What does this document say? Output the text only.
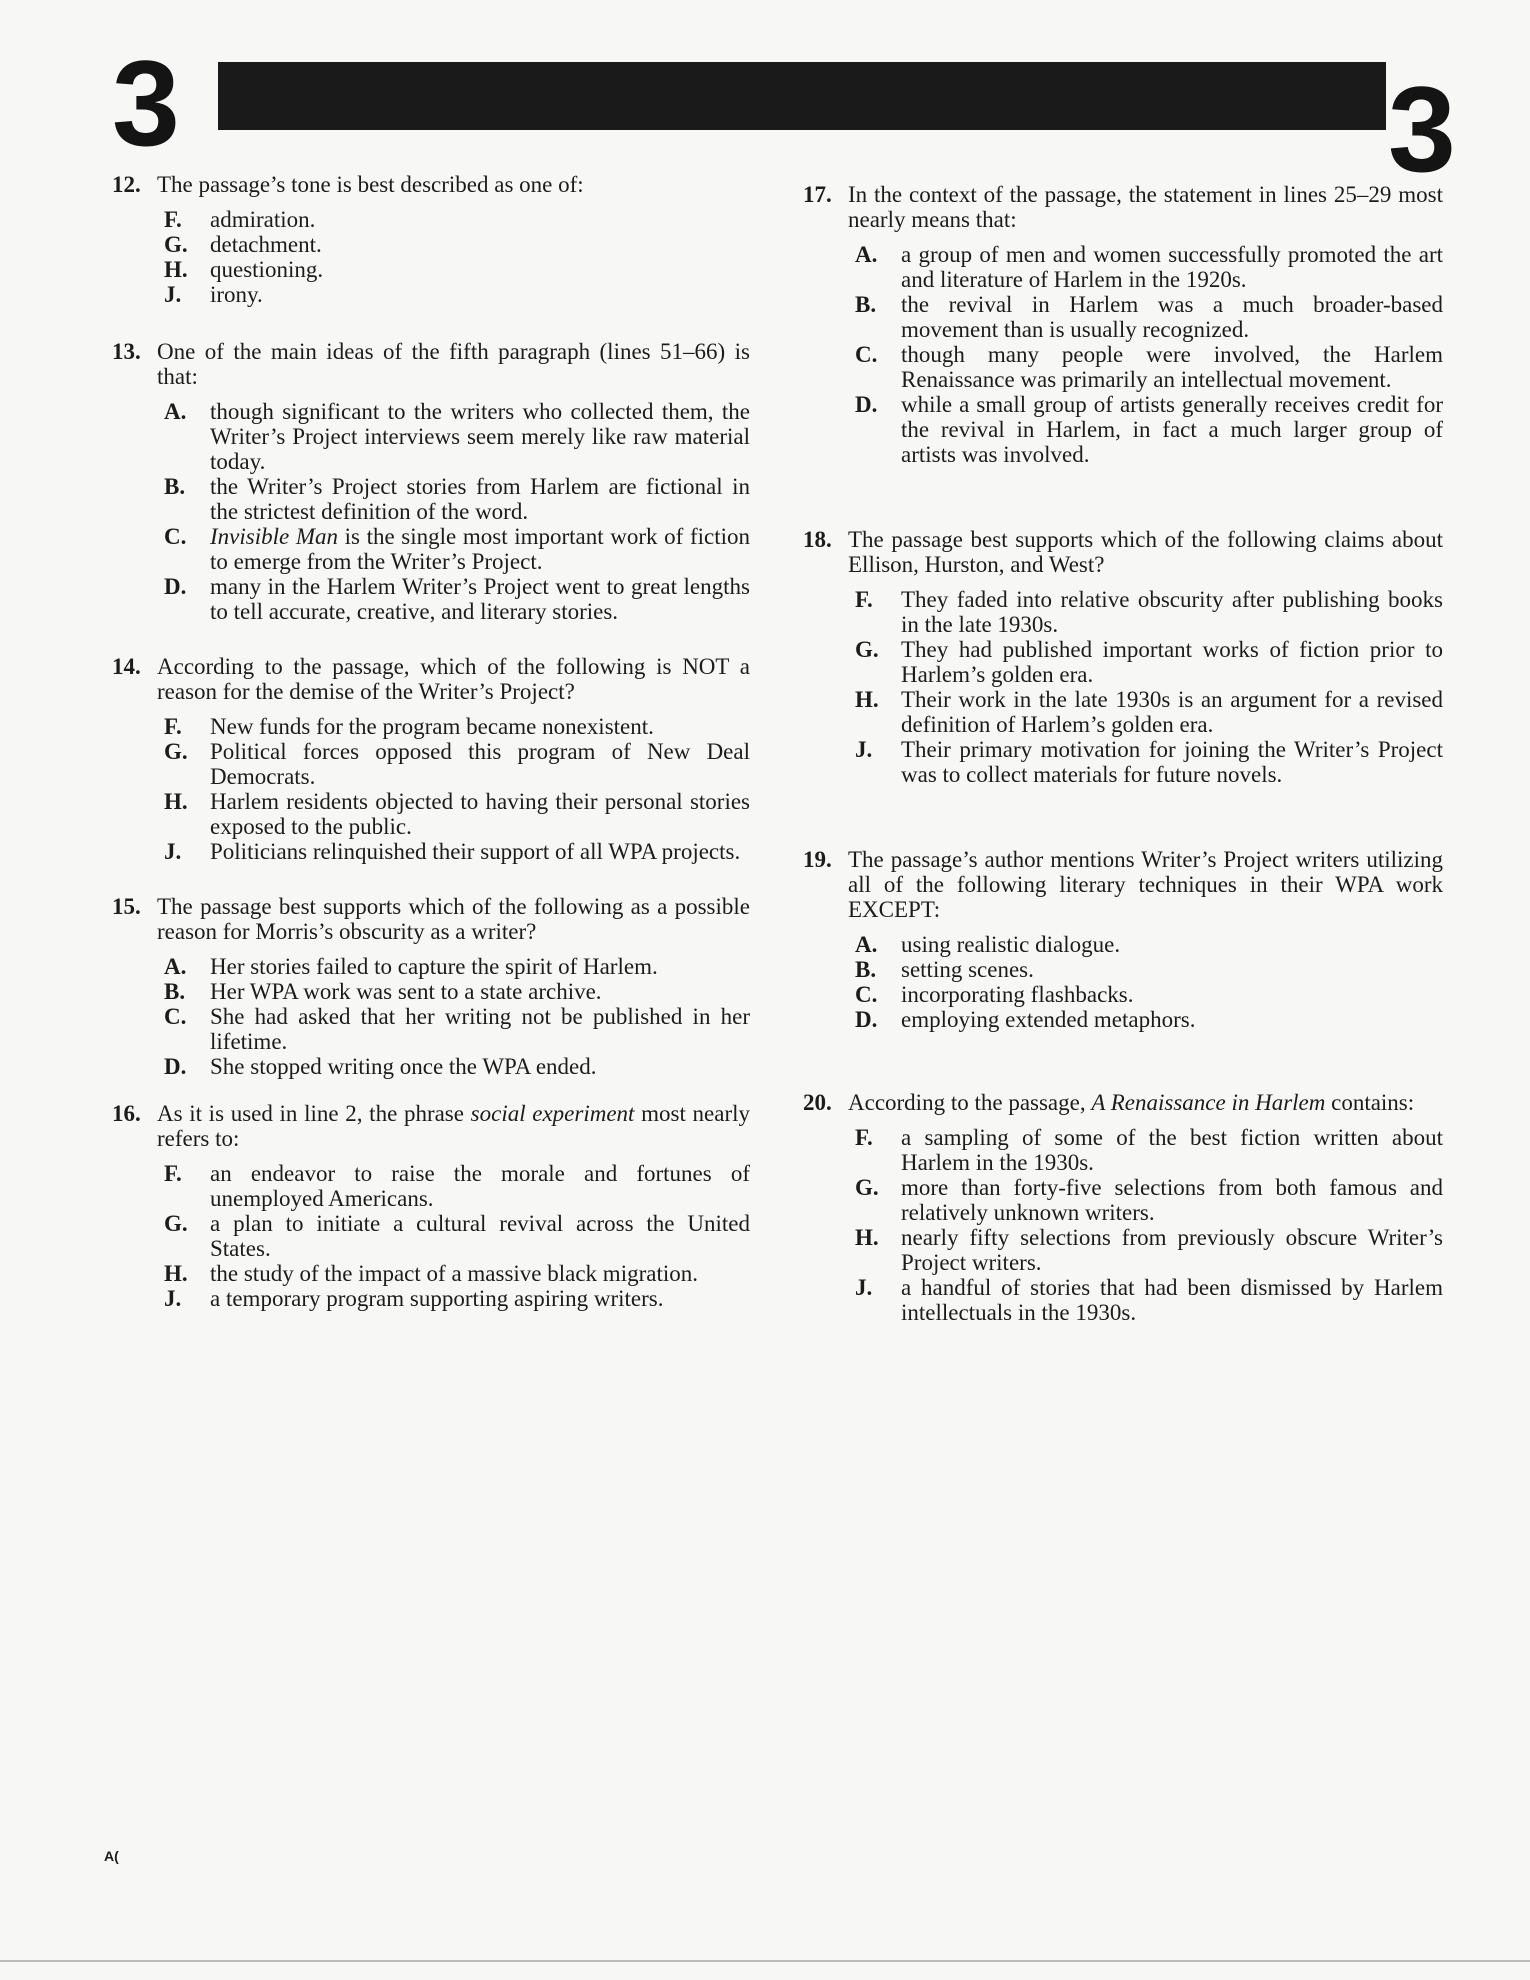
3	3
12. The passage’s tone is best described as one of:
F. admiration.
G. detachment.
H. questioning.
J. irony.
13. One of the main ideas of the fifth paragraph (lines 51–66) is that:
A. though significant to the writers who collected them, the Writer’s Project interviews seem merely like raw material today.
B. the Writer’s Project stories from Harlem are fictional in the strictest definition of the word.
C. Invisible Man is the single most important work of fiction to emerge from the Writer’s Project.
D. many in the Harlem Writer’s Project went to great lengths to tell accurate, creative, and literary stories.
14. According to the passage, which of the following is NOT a reason for the demise of the Writer’s Project?
F. New funds for the program became nonexistent.
G. Political forces opposed this program of New Deal Democrats.
H. Harlem residents objected to having their personal stories exposed to the public.
J. Politicians relinquished their support of all WPA projects.
15. The passage best supports which of the following as a possible reason for Morris’s obscurity as a writer?
A. Her stories failed to capture the spirit of Harlem.
B. Her WPA work was sent to a state archive.
C. She had asked that her writing not be published in her lifetime.
D. She stopped writing once the WPA ended.
16. As it is used in line 2, the phrase social experiment most nearly refers to:
F. an endeavor to raise the morale and fortunes of unemployed Americans.
G. a plan to initiate a cultural revival across the United States.
H. the study of the impact of a massive black migration.
J. a temporary program supporting aspiring writers.
17. In the context of the passage, the statement in lines 25–29 most nearly means that:
A. a group of men and women successfully promoted the art and literature of Harlem in the 1920s.
B. the revival in Harlem was a much broader-based movement than is usually recognized.
C. though many people were involved, the Harlem Renaissance was primarily an intellectual movement.
D. while a small group of artists generally receives credit for the revival in Harlem, in fact a much larger group of artists was involved.
18. The passage best supports which of the following claims about Ellison, Hurston, and West?
F. They faded into relative obscurity after publishing books in the late 1930s.
G. They had published important works of fiction prior to Harlem’s golden era.
H. Their work in the late 1930s is an argument for a revised definition of Harlem’s golden era.
J. Their primary motivation for joining the Writer’s Project was to collect materials for future novels.
19. The passage’s author mentions Writer’s Project writers utilizing all of the following literary techniques in their WPA work EXCEPT:
A. using realistic dialogue.
B. setting scenes.
C. incorporating flashbacks.
D. employing extended metaphors.
20. According to the passage, A Renaissance in Harlem contains:
F. a sampling of some of the best fiction written about Harlem in the 1930s.
G. more than forty-five selections from both famous and relatively unknown writers.
H. nearly fifty selections from previously obscure Writer’s Project writers.
J. a handful of stories that had been dismissed by Harlem intellectuals in the 1930s.
A(
